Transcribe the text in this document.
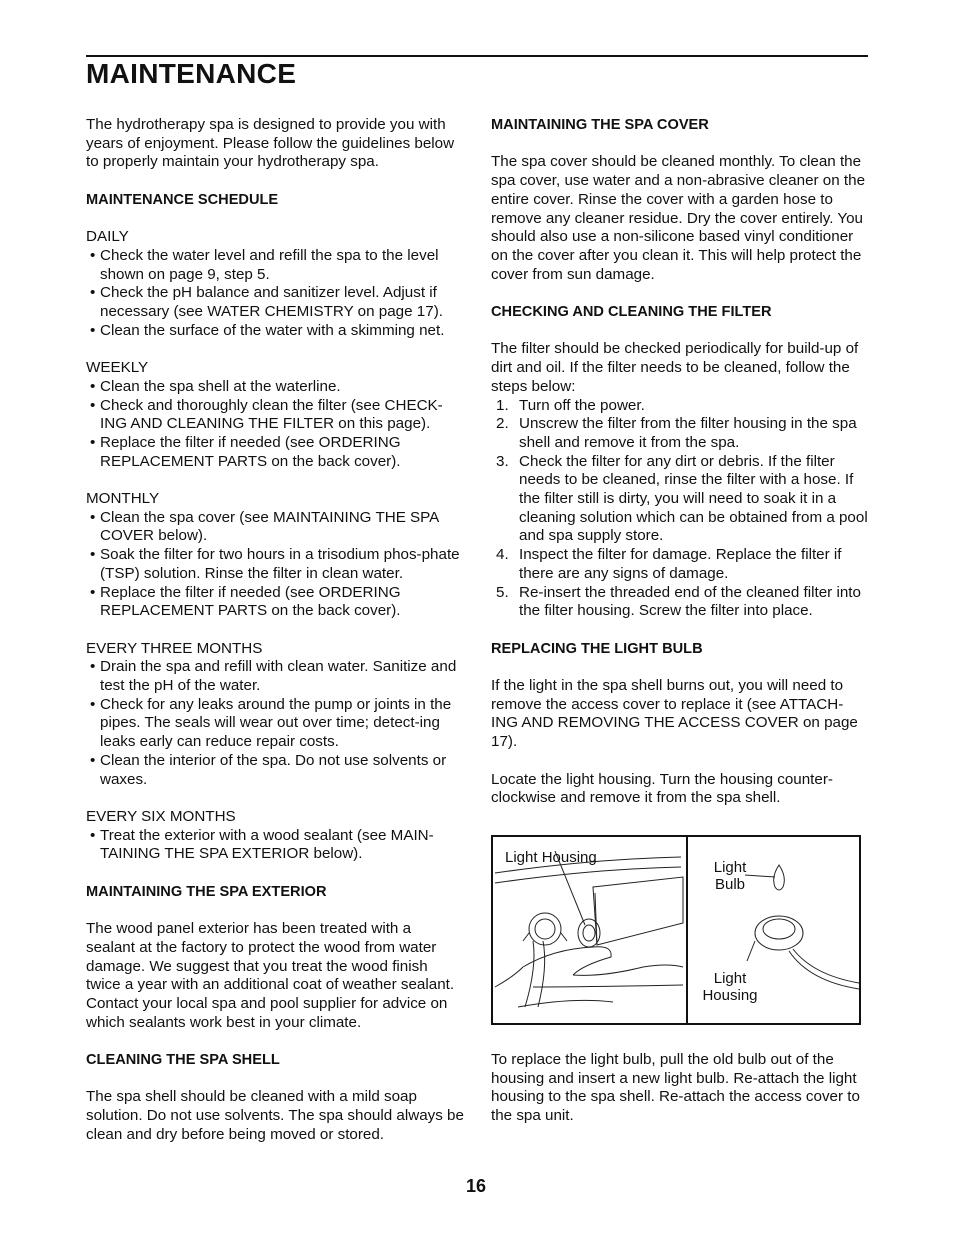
MAINTENANCE

The hydrotherapy spa is designed to provide you with years of enjoyment. Please follow the guidelines below to properly maintain your hydrotherapy spa.

MAINTENANCE SCHEDULE

DAILY

• Check the water level and refill the spa to the level shown on page 9, step 5.
• Check the pH balance and sanitizer level. Adjust if necessary (see WATER CHEMISTRY on page 17).
• Clean the surface of the water with a skimming net.

WEEKLY

• Clean the spa shell at the waterline.
• Check and thoroughly clean the filter (see CHECK-ING AND CLEANING THE FILTER on this page).
• Replace the filter if needed (see ORDERING REPLACEMENT PARTS on the back cover).

MONTHLY

• Clean the spa cover (see MAINTAINING THE SPA COVER below).
• Soak the filter for two hours in a trisodium phos-phate (TSP) solution. Rinse the filter in clean water.
• Replace the filter if needed (see ORDERING REPLACEMENT PARTS on the back cover).

EVERY THREE MONTHS

• Drain the spa and refill with clean water. Sanitize and test the pH of the water.
• Check for any leaks around the pump or joints in the pipes. The seals will wear out over time; detect-ing leaks early can reduce repair costs.
• Clean the interior of the spa. Do not use solvents or waxes.

EVERY SIX MONTHS

• Treat the exterior with a wood sealant (see MAIN-TAINING THE SPA EXTERIOR below).

MAINTAINING THE SPA EXTERIOR

The wood panel exterior has been treated with a sealant at the factory to protect the wood from water damage. We suggest that you treat the wood finish twice a year with an additional coat of weather sealant. Contact your local spa and pool supplier for advice on which sealants work best in your climate.

CLEANING THE SPA SHELL

The spa shell should be cleaned with a mild soap solution. Do not use solvents. The spa should always be clean and dry before being moved or stored.

MAINTAINING THE SPA COVER

The spa cover should be cleaned monthly. To clean the spa cover, use water and a non-abrasive cleaner on the entire cover. Rinse the cover with a garden hose to remove any cleaner residue. Dry the cover entirely. You should also use a non-silicone based vinyl conditioner on the cover after you clean it. This will help protect the cover from sun damage.

CHECKING AND CLEANING THE FILTER

The filter should be checked periodically for build-up of dirt and oil. If the filter needs to be cleaned, follow the steps below:

1. Turn off the power.
2. Unscrew the filter from the filter housing in the spa shell and remove it from the spa.
3. Check the filter for any dirt or debris. If the filter needs to be cleaned, rinse the filter with a hose. If the filter still is dirty, you will need to soak it in a cleaning solution which can be obtained from a pool and spa supply store.
4. Inspect the filter for damage. Replace the filter if there are any signs of damage.
5. Re-insert the threaded end of the cleaned filter into the filter housing. Screw the filter into place.

REPLACING THE LIGHT BULB

If the light in the spa shell burns out, you will need to remove the access cover to replace it (see ATTACH-ING AND REMOVING THE ACCESS COVER on page 17).

Locate the light housing. Turn the housing counter-clockwise and remove it from the spa shell.

Light Housing
Light
Bulb
Light
Housing
To replace the light bulb, pull the old bulb out of the housing and insert a new light bulb. Re-attach the light housing to the spa shell. Re-attach the access cover to the spa unit.
16
